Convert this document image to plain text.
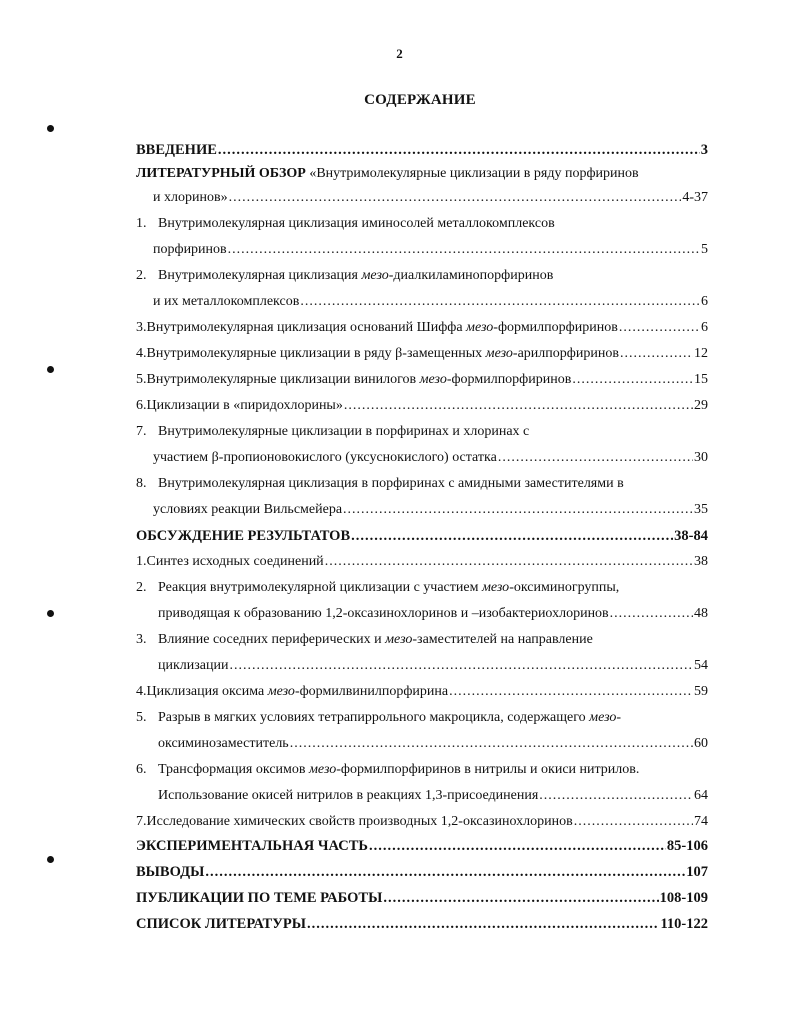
2
СОДЕРЖАНИЕ
ВВЕДЕНИЕ .....	3
ЛИТЕРАТУРНЫЙ ОБЗОР «Внутримолекулярные циклизации в ряду порфиринов
и хлоринов» .....	4-37
1. Внутримолекулярная циклизация иминосолей металлокомплексов
порфиринов .....	5
2. Внутримолекулярная циклизация мезо-диалкиламинопорфиринов
и их металлокомплексов .....	6
3. Внутримолекулярная циклизация оснований Шиффа мезо-формилпорфиринов .....	6
4. Внутримолекулярные циклизации в ряду β-замещенных мезо-арилпорфиринов .....	12
5. Внутримолекулярные циклизации винилогов мезо-формилпорфиринов .....	15
6. Циклизации в «пиридохлорины» .....	29
7. Внутримолекулярные циклизации в порфиринах и хлоринах с
участием β-пропионовокислого (уксуснокислого) остатка .....	30
8. Внутримолекулярная циклизация в порфиринах с амидными заместителями в
условиях реакции Вильсмейера .....	35
ОБСУЖДЕНИЕ РЕЗУЛЬТАТОВ .....	38-84
1. Синтез исходных соединений .....	38
2. Реакция внутримолекулярной циклизации с участием мезо-оксиминогруппы,
приводящая к образованию 1,2-оксазинохлоринов и –изобактериохлоринов .....	48
3. Влияние соседних периферических и мезо-заместителей на направление
циклизации .....	54
4. Циклизация оксима мезо-формилвинилпорфирина .....	59
5. Разрыв в мягких условиях тетрапиррольного макроцикла, содержащего мезо-
оксиминозаместитель .....	60
6. Трансформация оксимов мезо-формилпорфиринов в нитрилы и окиси нитрилов.
Использование окисей нитрилов в реакциях 1,3-присоединения .....	64
7. Исследование химических свойств производных 1,2-оксазинохлоринов .....	74
ЭКСПЕРИМЕНТАЛЬНАЯ ЧАСТЬ .....	85-106
ВЫВОДЫ .....	107
ПУБЛИКАЦИИ ПО ТЕМЕ РАБОТЫ .....	108-109
СПИСОК ЛИТЕРАТУРЫ .....	110-122
